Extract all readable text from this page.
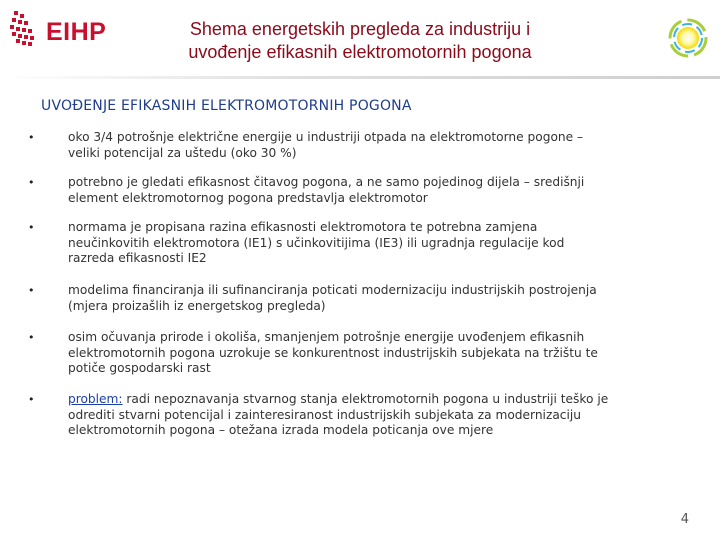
EIHP	Shema energetskih pregleda za industriju i
uvođenje efikasnih elektromotornih pogona
UVOĐENJE EFIKASNIH ELEKTROMOTORNIH POGONA
•	oko 3/4 potrošnje električne energije u industriji otpada na elektromotorne pogone –
veliki potencijal za uštedu (oko 30 %)
•	potrebno je gledati efikasnost čitavog pogona, a ne samo pojedinog dijela – središnji
element elektromotornog pogona predstavlja elektromotor
•	normama je propisana razina efikasnosti elektromotora te potrebna zamjena
neučinkovitih elektromotora (IE1) s učinkovitijima (IE3) ili ugradnja regulacije kod
razreda efikasnosti IE2
•	modelima financiranja ili sufinanciranja poticati modernizaciju industrijskih postrojenja
(mjera proizašlih iz energetskog pregleda)
•	osim očuvanja prirode i okoliša, smanjenjem potrošnje energije uvođenjem efikasnih
elektromotornih pogona uzrokuje se konkurentnost industrijskih subjekata na tržištu te
potiče gospodarski rast
•	problem: radi nepoznavanja stvarnog stanja elektromotornih pogona u industriji teško je
odrediti stvarni potencijal i zainteresiranost industrijskih subjekata za modernizaciju
elektromotornih pogona – otežana izrada modela poticanja ove mjere
4
